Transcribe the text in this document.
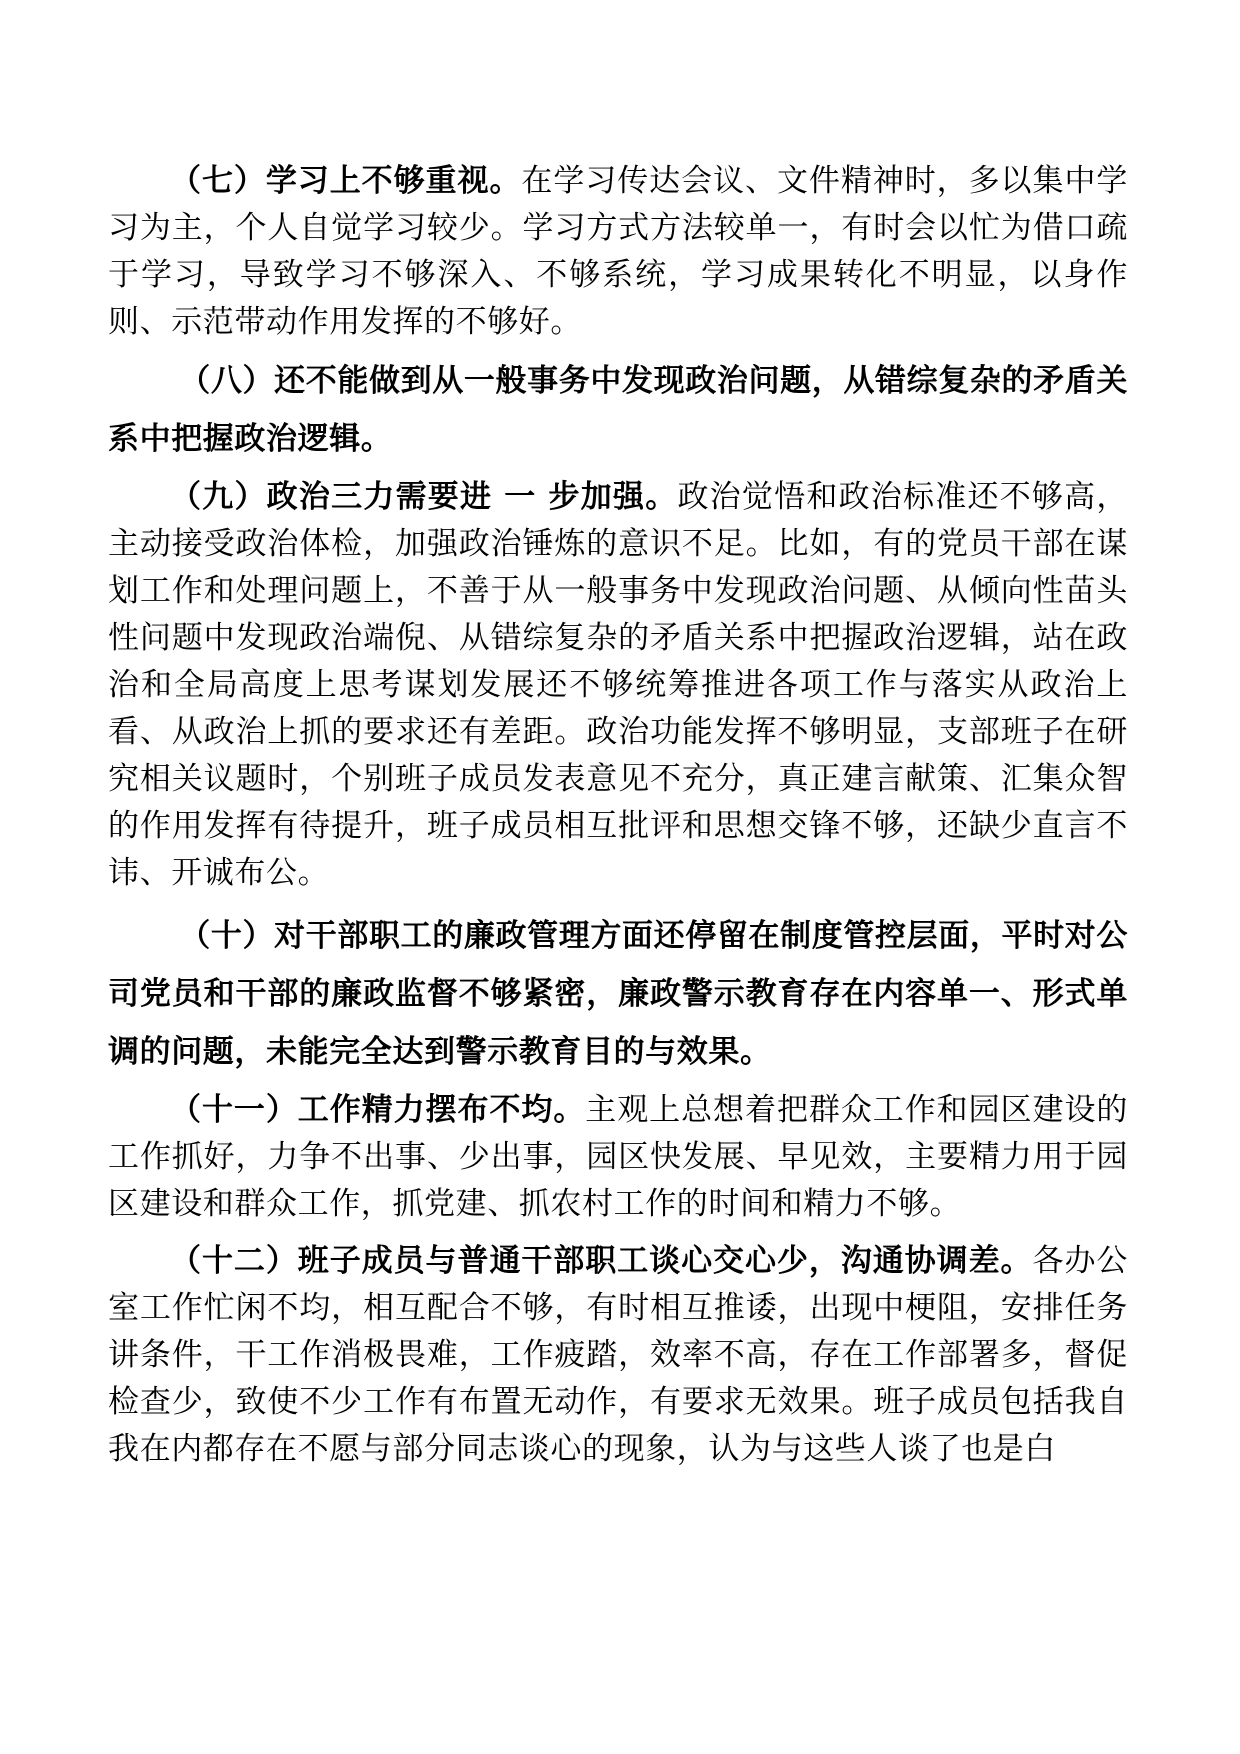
（七）学习上不够重视。在学习传达会议、文件精神时，多以集中学习为主，个人自觉学习较少。学习方式方法较单一，有时会以忙为借口疏于学习，导致学习不够深入、不够系统，学习成果转化不明显，以身作则、示范带动作用发挥的不够好。

（八）还不能做到从一般事务中发现政治问题，从错综复杂的矛盾关系中把握政治逻辑。

（九）政治三力需要进 一 步加强。政治觉悟和政治标准还不够高，主动接受政治体检，加强政治锤炼的意识不足。比如，有的党员干部在谋划工作和处理问题上，不善于从一般事务中发现政治问题、从倾向性苗头性问题中发现政治端倪、从错综复杂的矛盾关系中把握政治逻辑，站在政治和全局高度上思考谋划发展还不够统筹推进各项工作与落实从政治上看、从政治上抓的要求还有差距。政治功能发挥不够明显，支部班子在研究相关议题时，个别班子成员发表意见不充分，真正建言献策、汇集众智的作用发挥有待提升，班子成员相互批评和思想交锋不够，还缺少直言不讳、开诚布公。

（十）对干部职工的廉政管理方面还停留在制度管控层面，平时对公司党员和干部的廉政监督不够紧密，廉政警示教育存在内容单一、形式单调的问题，未能完全达到警示教育目的与效果。

（十一）工作精力摆布不均。主观上总想着把群众工作和园区建设的工作抓好，力争不出事、少出事，园区快发展、早见效，主要精力用于园区建设和群众工作，抓党建、抓农村工作的时间和精力不够。

（十二）班子成员与普通干部职工谈心交心少，沟通协调差。各办公室工作忙闲不均，相互配合不够，有时相互推诿，出现中梗阻，安排任务讲条件，干工作消极畏难，工作疲踏，效率不高，存在工作部署多，督促检查少，致使不少工作有布置无动作，有要求无效果。班子成员包括我自我在内都存在不愿与部分同志谈心的现象，认为与这些人谈了也是白
